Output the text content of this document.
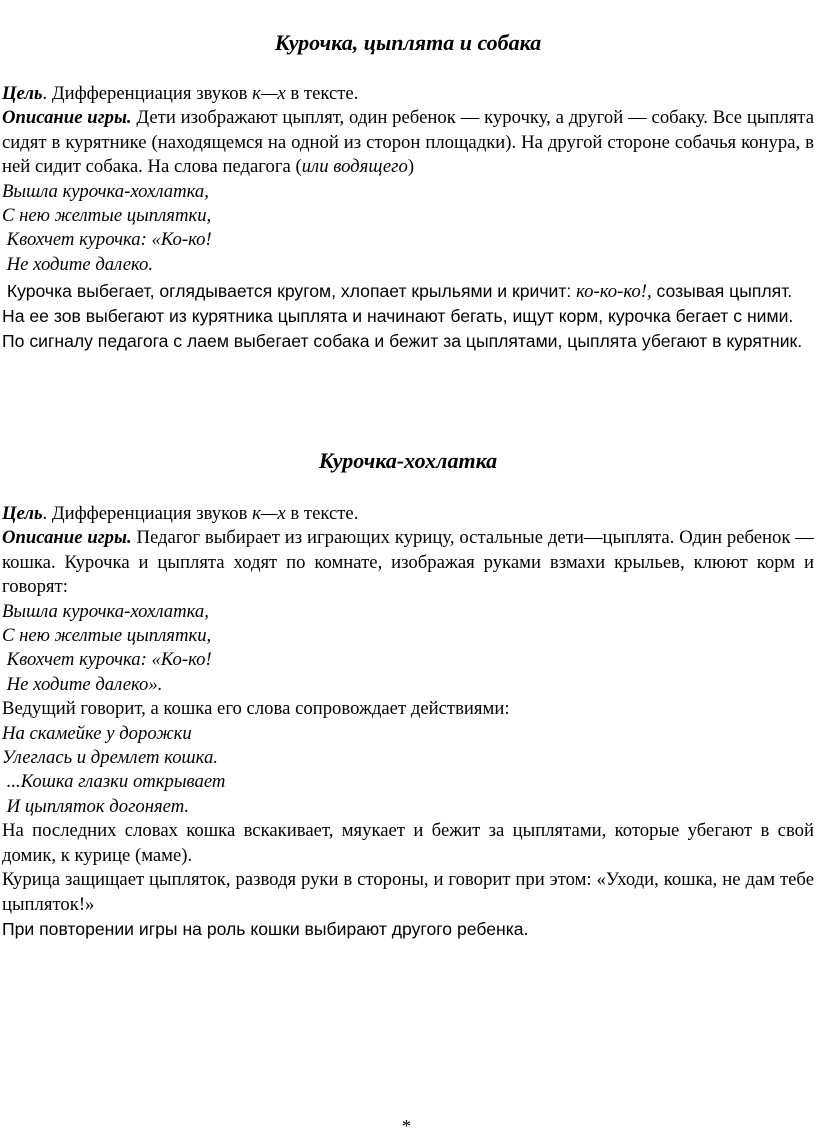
Курочка, цыплята и собака

Цель. Дифференциация звуков к—х в тексте.

Описание игры. Дети изображают цыплят, один ребенок — курочку, а другой — собаку. Все цыплята сидят в курятнике (находящемся на одной из сторон площадки). На другой стороне собачья конура, в ней сидит собака. На слова педагога (или водящего)

Вышла курочка-хохлатка,

С нею желтые цыплятки,

Квохчет курочка: «Ко-ко!

Не ходите далеко.

Курочка выбегает, оглядывается кругом, хлопает крыльями и кричит: ко-ко-ко!, созывая цыплят. На ее зов выбегают из курятника цыплята и начинают бегать, ищут корм, курочка бегает с ними. По сигналу педагога с лаем выбегает собака и бежит за цыплятами, цыплята убегают в курятник.

Курочка-хохлатка

Цель. Дифференциация звуков к—х в тексте.

Описание игры. Педагог выбирает из играющих курицу, остальные дети—цыплята. Один ребенок — кошка. Курочка и цыплята ходят по комнате, изображая руками взмахи крыльев, клюют корм и говорят:

Вышла курочка-хохлатка,

С нею желтые цыплятки,

Квохчет курочка: «Ко-ко!

Не ходите далеко».

Ведущий говорит, а кошка его слова сопровождает действиями:

На скамейке у дорожки

Улеглась и дремлет кошка.

...Кошка глазки открывает

И цыпляток догоняет.

На последних словах кошка вскакивает, мяукает и бежит за цыплятами, которые убегают в свой домик, к курице (маме).

Курица защищает цыпляток, разводя руки в стороны, и говорит при этом: «Уходи, кошка, не дам тебе цыпляток!»

При повторении игры на роль кошки выбирают другого ребенка.

*
